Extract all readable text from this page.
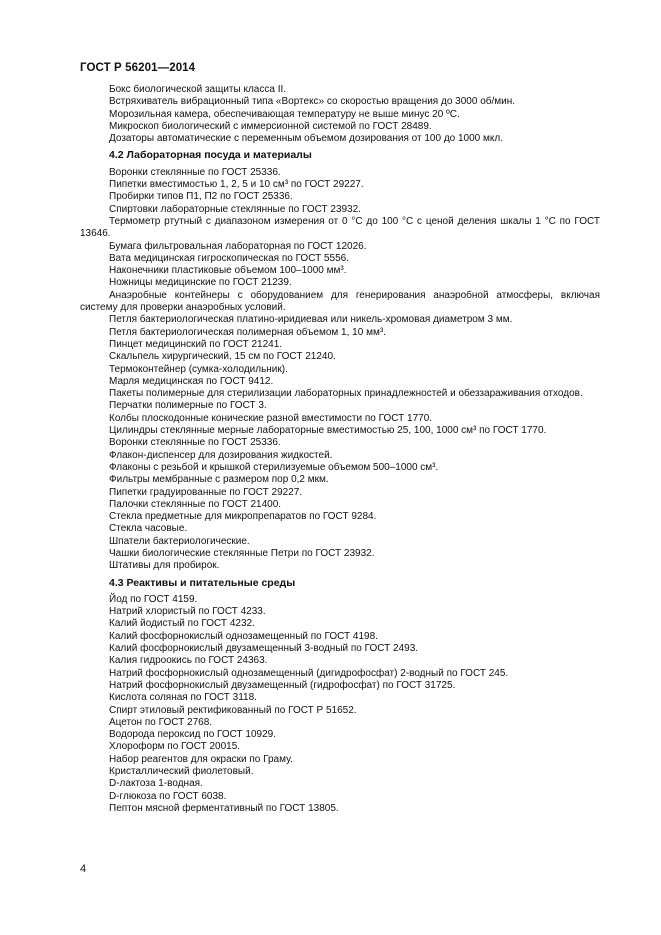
ГОСТ Р 56201—2014

Бокс биологической защиты класса II.

Встряхиватель вибрационный типа «Вортекс» со скоростью вращения до 3000 об/мин.

Морозильная камера, обеспечивающая температуру не выше минус 20 ºС.

Микроскоп биологический с иммерсионной системой по ГОСТ 28489.

Дозаторы автоматические с переменным объемом дозирования от 100 до 1000 мкл.

4.2 Лабораторная посуда и материалы

Воронки стеклянные по ГОСТ 25336.

Пипетки вместимостью 1, 2, 5 и 10 см³ по ГОСТ 29227.

Пробирки типов П1, П2 по ГОСТ 25336.

Спиртовки лабораторные стеклянные по ГОСТ 23932.

Термометр ртутный с диапазоном измерения от 0 °С до 100 °С с ценой деления шкалы 1 °С по ГОСТ 13646.

Бумага фильтровальная лабораторная по ГОСТ 12026.

Вата медицинская гигроскопическая по ГОСТ 5556.

Наконечники пластиковые объемом 100–1000 мм³.

Ножницы медицинские по ГОСТ 21239.

Анаэробные контейнеры с оборудованием для генерирования анаэробной атмосферы, включая систему для проверки анаэробных условий.

Петля бактериологическая платино-иридиевая или никель-хромовая диаметром 3 мм.

Петля бактериологическая полимерная объемом 1, 10 мм³.

Пинцет медицинский по ГОСТ 21241.

Скальпель хирургический, 15 см по ГОСТ 21240.

Термоконтейнер (сумка-холодильник).

Марля медицинская по ГОСТ 9412.

Пакеты полимерные для стерилизации лабораторных принадлежностей и обеззараживания отходов.

Перчатки полимерные по ГОСТ 3.

Колбы плоскодонные конические разной вместимости по ГОСТ 1770.

Цилиндры стеклянные мерные лабораторные вместимостью 25, 100, 1000 см³ по ГОСТ 1770.

Воронки стеклянные по ГОСТ 25336.

Флакон-диспенсер для дозирования жидкостей.

Флаконы с резьбой и крышкой стерилизуемые объемом 500–1000 см³.

Фильтры мембранные с размером пор 0,2 мкм.

Пипетки градуированные по ГОСТ 29227.

Палочки стеклянные по ГОСТ 21400.

Стекла предметные для микропрепаратов по ГОСТ 9284.

Стекла часовые.

Шпатели бактериологические.

Чашки биологические стеклянные Петри по ГОСТ 23932.

Штативы для пробирок.

4.3 Реактивы и питательные среды

Йод по ГОСТ 4159.

Натрий хлористый по ГОСТ 4233.

Калий йодистый по ГОСТ 4232.

Калий фосфорнокислый однозамещенный по ГОСТ 4198.

Калий фосфорнокислый двузамещенный 3-водный по ГОСТ 2493.

Калия гидроокись по ГОСТ 24363.

Натрий фосфорнокислый однозамещенный (дигидрофосфат) 2-водный по ГОСТ 245.

Натрий фосфорнокислый двузамещенный (гидрофосфат) по ГОСТ 31725.

Кислота соляная по ГОСТ 3118.

Спирт этиловый ректификованный по ГОСТ Р 51652.

Ацетон по ГОСТ 2768.

Водорода пероксид по ГОСТ 10929.

Хлороформ по ГОСТ 20015.

Набор реагентов для окраски по Граму.

Кристаллический фиолетовый.

D-лактоза 1-водная.

D-глюкоза по ГОСТ 6038.

Пептон мясной ферментативный по ГОСТ 13805.

4
